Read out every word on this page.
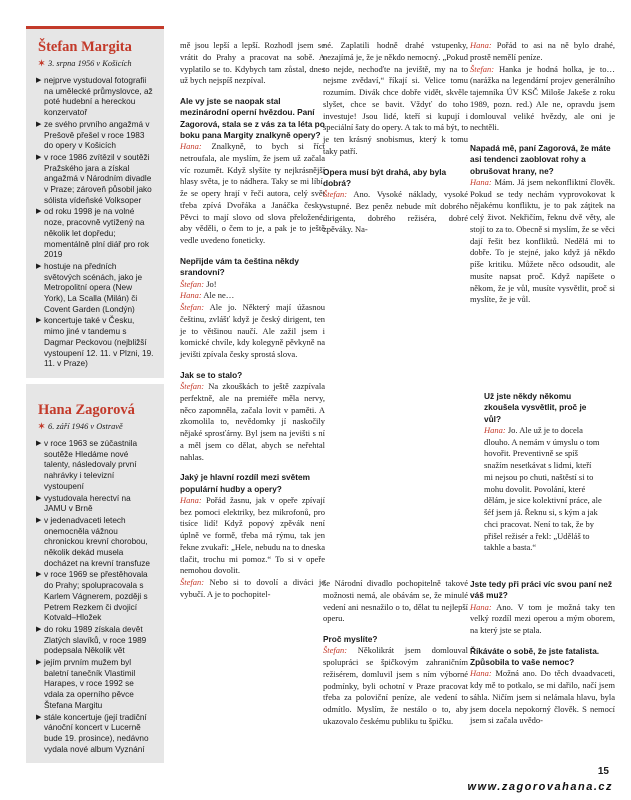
Štefan Margita
✶ 3. srpna 1956 v Košicích
▶ nejprve vystudoval fotografii na umělecké průmyslovce, až poté hudební a hereckou konzervatoř
▶ ze svého prvního angažmá v Prešově přešel v roce 1983 do opery v Košicích
▶ v roce 1986 zvítězil v soutěži Pražského jara a získal angažmá v Národním divadle v Praze; zároveň působil jako sólista vídeňské Volksoper
▶ od roku 1998 je na volné noze, pracovně vytížený na několik let dopředu; momentálně plní diář pro rok 2019
▶ hostuje na předních světových scénách, jako je Metropolitní opera (New York), La Scalla (Milán) či Covent Garden (Londýn)
▶ koncertuje také v Česku, mimo jiné v tandemu s Dagmar Peckovou (nejbližší vystoupení 12. 11. v Plzni, 19. 11. v Praze)
Hana Zagorová
✶ 6. září 1946 v Ostravě
▶ v roce 1963 se zúčastnila soutěže Hledáme nové talenty, následovaly první nahrávky i televizní vystoupení
▶ vystudovala herectví na JAMU v Brně
▶ v jedenadvaceti letech onemocněla vážnou chronickou krevní chorobou, několik dekád musela docházet na krevní transfuze
▶ v roce 1969 se přestěhovala do Prahy; spolupracovala s Karlem Vágnerem, později s Petrem Rezkem či dvojicí Kotvald–Hložek
▶ do roku 1989 získala devět Zlatých slavíků, v roce 1989 podepsala Několik vět
▶ jejím prvním mužem byl baletní tanečník Vlastimil Harapes, v roce 1992 se vdala za operního pěvce Štefana Margitu
▶ stále koncertuje (její tradiční vánoční koncert v Lucerně bude 19. prosince), nedávno vydala nové album Vyznání

mě jsou lepší a lepší. Rozhodl jsem se vrátit do Prahy a pracovat na sobě. A vyplatilo se to. Kdybych tam zůstal, dnes už bych nejspíš nezpíval.

Ale vy jste se naopak stal mezinárodní operní hvězdou. Paní Zagorová, stala se z vás za ta léta po boku pana Margity znalkyně opery?

Hana: Znalkyně, to bych si říct netroufala, ale myslím, že jsem už začala víc rozumět. Když slyšíte ty nejkrásnější hlasy světa, je to nádhera. Taky se mi líbí, že se opery hrají v řeči autora, celý svět třeba zpívá Dvořáka a Janáčka česky. Pěvci to mají slovo od slova přeložené, aby věděli, o čem to je, a pak je to ještě vedle uvedeno foneticky.

Nepřijde vám ta čeština někdy srandovní?

Štefan: Jo!

Hana: Ale ne…

Štefan: Ale jo. Některý mají úžasnou češtinu, zvlášť když je český dirigent, ten je to většinou naučí. Ale zažil jsem i komické chvíle, kdy kolegyně pěvkyně na jevišti zpívala česky sprostá slova.

Jak se to stalo?

Štefan: Na zkouškách to ještě zazpívala perfektně, ale na premiéře měla nervy, něco zapomněla, začala lovit v paměti. A zkomolila to, nevědomky jí naskočily nějaké sprosťárny. Byl jsem na jevišti s ní a měl jsem co dělat, abych se neřehtal nahlas.

Jaký je hlavní rozdíl mezi světem populární hudby a opery?

Hana: Pořád žasnu, jak v opeře zpívají bez pomoci elektriky, bez mikrofonů, pro tisíce lidí! Když popový zpěvák není úplně ve formě, třeba má rýmu, tak jen řekne zvukaři: „Hele, nebudu na to dneska tlačit, trochu mi pomoz.“ To si v opeře nemohou dovolit.

Štefan: Nebo si to dovolí a diváci je vybučí. A je to pochopitel-

né. Zaplatili hodně drahé vstupenky, nezajímá je, že je někdo nemocný. „Pokud to nejde, nechoďte na jeviště, my na to nejsme zvědaví,“ říkají si. Velice tomu rozumím. Divák chce dobře vidět, skvěle slyšet, chce se bavit. Vždyť do toho investuje! Jsou lidé, kteří si kupují i speciální šaty do opery. A tak to má být, to je ten krásný snobismus, který k tomu taky patří.

Opera musí být drahá, aby byla dobrá?

Štefan: Ano. Vysoké náklady, vysoké vstupné. Bez peněz nebude mít dobrého dirigenta, dobrého režiséra, dobré zpěváky. Na-

še Národní divadlo pochopitelně takové možnosti nemá, ale obávám se, že minulé vedení ani nesnažilo o to, dělat tu nejlepší operu.

Proč myslíte?

Štefan: Několikrát jsem domlouval spolupráci se špičkovým zahraničním režisérem, domluvil jsem s ním výborné podmínky, byli ochotní v Praze pracovat třeba za poloviční peníze, ale vedení to odmítlo. Myslím, že nestálo o to, aby ukazovalo českému publiku tu špičku.

Hana: Pořád to asi na ně bylo drahé, prostě nemělí peníze.

Štefan: Hanka je hodná holka, je to… (narážka na legendární projev generálního tajemníka ÚV KSČ Miloše Jakeše z roku 1989, pozn. red.) Ale ne, opravdu jsem domlouval veliké hvězdy, ale oni je nechtěli.

Napadá mě, paní Zagorová, že máte asi tendenci zaoblovat rohy a obrušovat hrany, ne?

Hana: Mám. Já jsem nekonfliktní člověk. Pokud se tedy nechám vyprovokovat k nějakému konfliktu, je to pak záţitek na celý život. Nekřičím, řeknu dvě věty, ale stojí to za to. Obecně si myslím, že se věci dají řešit bez konfliktů. Nedělá mi to dobře. To je stejné, jako když já někdo píše kritiku. Můžete něco odsoudit, ale musíte napsat proč. Když napíšete o někom, že je vůl, musíte vysvětlit, proč si myslíte, že je vůl.

Už jste někdy někomu zkoušela vysvětlit, proč je vůl?

Hana: Jo. Ale už je to docela dlouho. A nemám v úmyslu o tom hovořit. Preventivně se spíš snažím nesetkávat s lidmi, kteří mi nejsou po chuti, naštěstí si to mohu dovolit. Povolání, které dělám, je sice kolektivní práce, ale šéf jsem já. Řeknu si, s kým a jak chci pracovat. Není to tak, že by přišel režisér a řekl: „Uděláš to takhle a basta.“

Jste tedy při práci víc svou paní než váš muž?

Hana: Ano. V tom je možná taky ten velký rozdíl mezi operou a mým oborem, na který jste se ptala.

Říkáváte o sobě, že jste fatalista. Způsobila to vaše nemoc?

Hana: Možná ano. Do těch dvaadvaceti, kdy mě to potkalo, se mi dařilo, načí jsem sáhla. Ničím jsem si nelámala hlavu, byla jsem docela nepokorný člověk. S nemocí jsem si začala uvědo-

15
www.zagorovahana.cz
